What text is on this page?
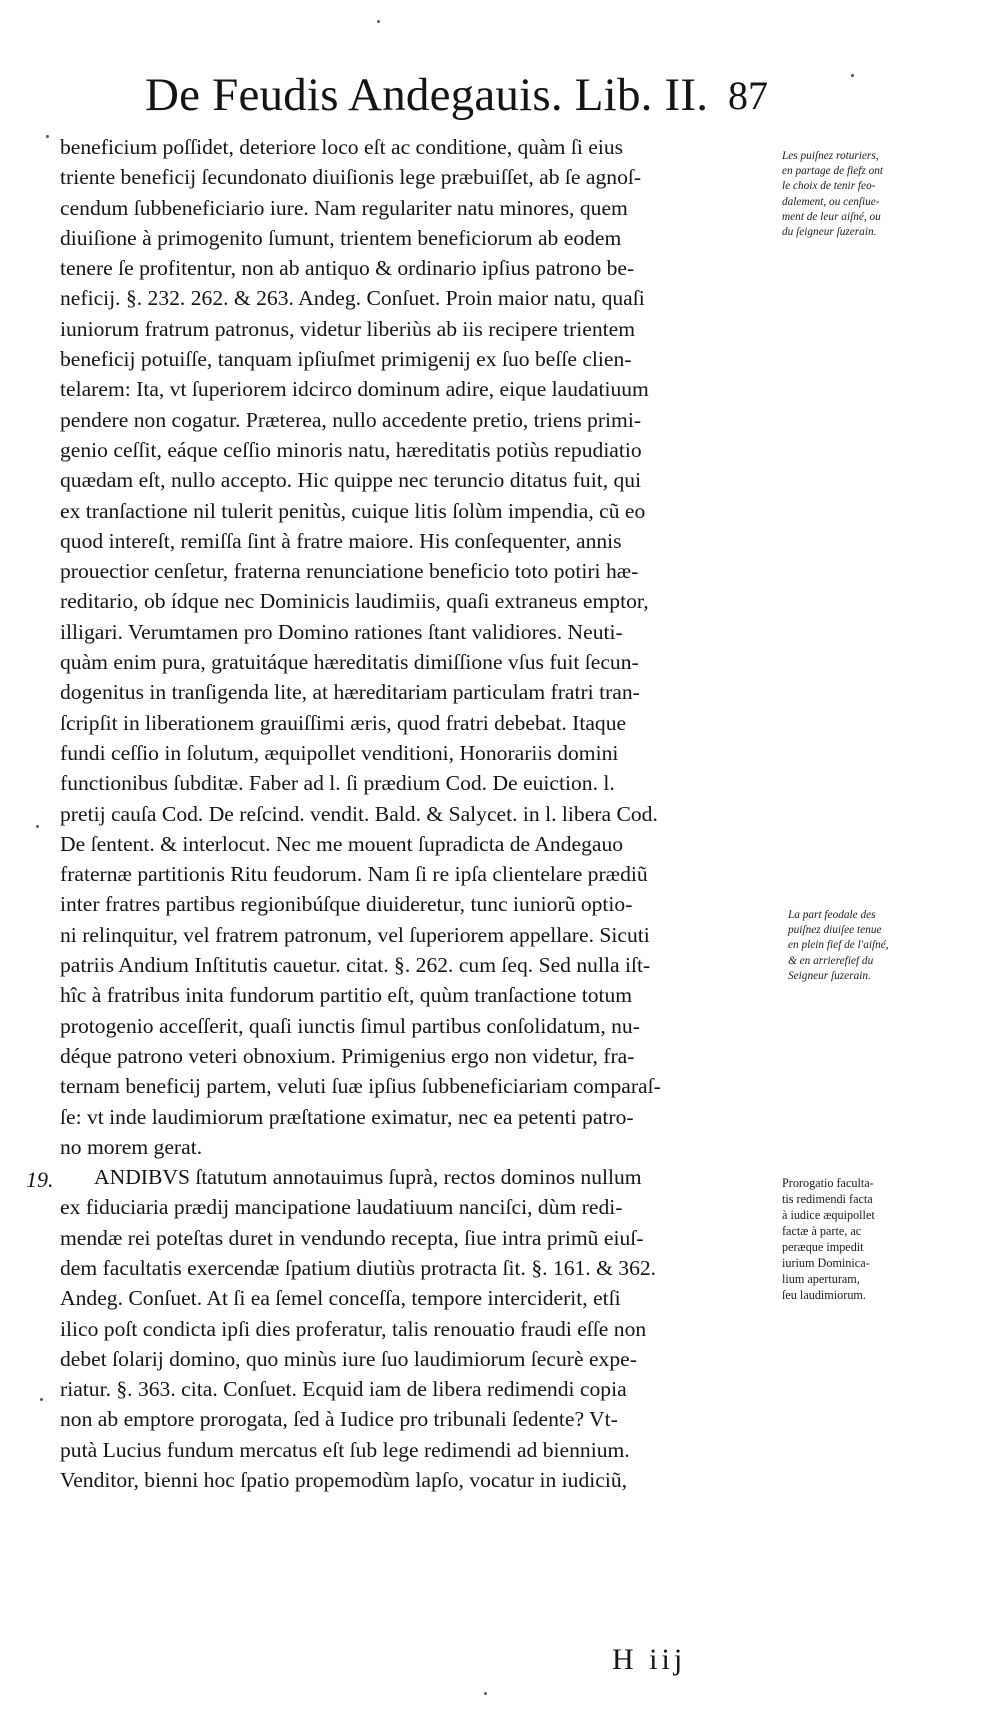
De Feudis Andegauis. Lib. II. 87
beneficium poſſidet, deteriore loco eſt ac conditione, quàm ſi eius
triente beneficij ſecundonato diuiſionis lege præbuiſſet, ab ſe agnoſ-
cendum ſubbeneficiario iure. Nam regulariter natu minores, quem
diuiſione à primogenito ſumunt, trientem beneficiorum ab eodem
tenere ſe profitentur, non ab antiquo & ordinario ipſius patrono be-
neficij. §. 232. 262. & 263. Andeg. Conſuet. Proin maior natu, quaſi
iuniorum fratrum patronus, videtur liberiùs ab iis recipere trientem
beneficij potuiſſe, tanquam ipſiuſmet primigenij ex ſuo beſſe clien-
telarem: Ita, vt ſuperiorem idcirco dominum adire, eique laudatiuum
pendere non cogatur. Præterea, nullo accedente pretio, triens primi-
genio ceſſit, eáque ceſſio minoris natu, hæreditatis potiùs repudiatio
quædam eſt, nullo accepto. Hic quippe nec teruncio ditatus fuit, qui
ex tranſactione nil tulerit penitùs, cuique litis ſolùm impendia, cũ eo
quod intereſt, remiſſa ſint à fratre maiore. His conſequenter, annis
prouectior cenſetur, fraterna renunciatione beneficio toto potiri hæ-
reditario, ob ídque nec Dominicis laudimiis, quaſi extraneus emptor,
illigari. Verumtamen pro Domino rationes ſtant validiores. Neuti-
quàm enim pura, gratuitáque hæreditatis dimiſſione vſus fuit ſecun-
dogenitus in tranſigenda lite, at hæreditariam particulam fratri tran-
ſcripſit in liberationem grauiſſimi æris, quod fratri debebat. Itaque
fundi ceſſio in ſolutum, æquipollet venditioni, Honorariis domini
functionibus ſubditæ. Faber ad l. ſi prædium Cod. De euiction. l.
pretij cauſa Cod. De reſcind. vendit. Bald. & Salycet. in l. libera Cod.
De ſentent. & interlocut. Nec me mouent ſupradicta de Andegauo
fraternæ partitionis Ritu feudorum. Nam ſi re ipſa clientelare prædiũ
inter fratres partibus regionibúſque diuideretur, tunc iuniorũ optio-
ni relinquitur, vel fratrem patronum, vel ſuperiorem appellare. Sicuti
patriis Andium Inſtitutis cauetur. citat. §. 262. cum ſeq. Sed nulla iſt-
hîc à fratribus inita fundorum partitio eſt, quùm tranſactione totum
protogenio acceſſerit, quaſi iunctis ſimul partibus conſolidatum, nu-
déque patrono veteri obnoxium. Primigenius ergo non videtur, fra-
ternam beneficij partem, veluti ſuæ ipſius ſubbeneficiariam comparaſ-
ſe: vt inde laudimiorum præſtatione eximatur, nec ea petenti patro-
no morem gerat.
ANDIBVS ſtatutum annotauimus ſuprà, rectos dominos nullum
ex fiduciaria prædij mancipatione laudatiuum nanciſci, dùm redi-
mendæ rei poteſtas duret in vendundo recepta, ſiue intra primũ eiuſ-
dem facultatis exercendæ ſpatium diutiùs protracta ſit. §. 161. & 362.
Andeg. Conſuet. At ſi ea ſemel conceſſa, tempore interciderit, etſi
ilico poſt condicta ipſi dies proferatur, talis renouatio fraudi eſſe non
debet ſolarij domino, quo minùs iure ſuo laudimiorum ſecurè expe-
riatur. §. 363. cita. Conſuet. Ecquid iam de libera redimendi copia
non ab emptore prorogata, ſed à Iudice pro tribunali ſedente? Vt-
putà Lucius fundum mercatus eſt ſub lege redimendi ad biennium.
Venditor, bienni hoc ſpatio propemodùm lapſo, vocatur in iudiciũ,
19.
Les puiſnez roturiers,
en partage de fiefz ont
le choix de tenir feo-
dalement, ou cenſiue-
ment de leur aiſné, ou
du ſeigneur ſuzerain.
La part feodale des
puiſnez diuiſee tenue
en plein fief de l'aiſné,
& en arrierefief du
Seigneur ſuzerain.
Prorogatio faculta-
tis redimendi facta
à iudice æquipollet
factæ à parte, ac
peræque impedit
iurium Dominica-
lium aperturam,
ſeu laudimiorum.
H iij
